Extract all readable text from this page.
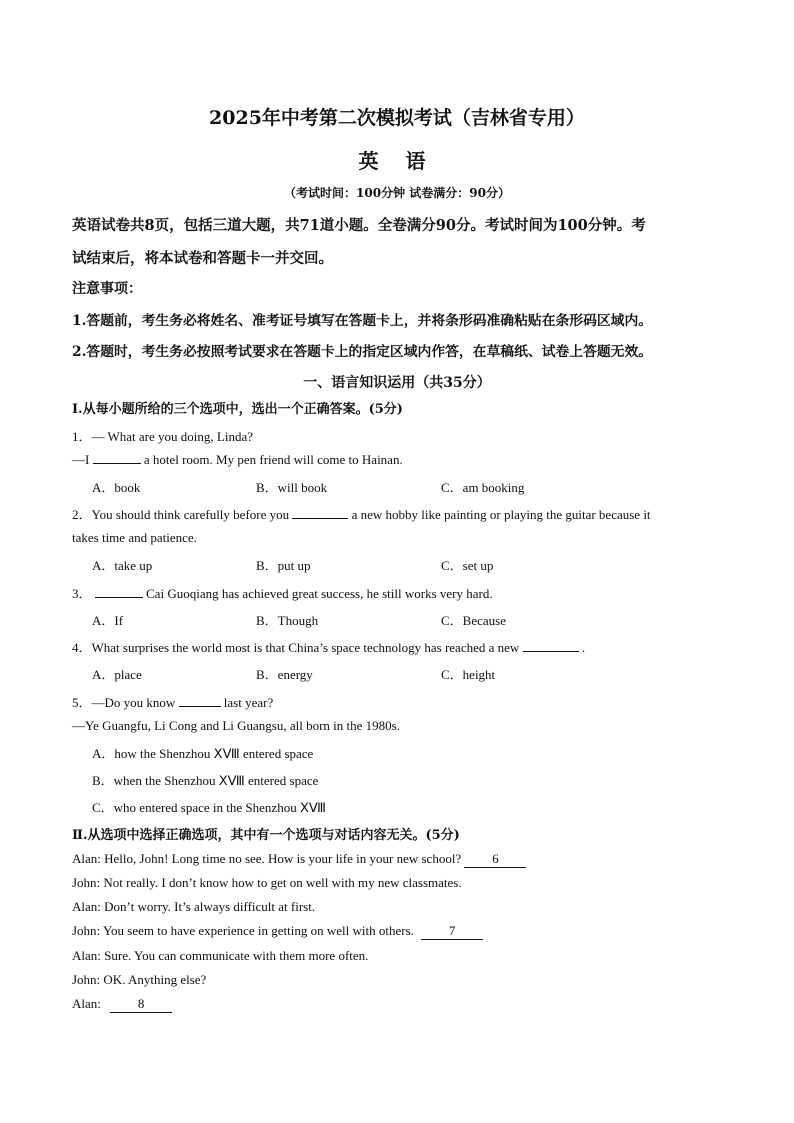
2025年中考第二次模拟考试（吉林省专用）
英 语
（考试时间：100分钟 试卷满分：90分）
英语试卷共8页，包括三道大题，共71道小题。全卷满分90分。考试时间为100分钟。考
试结束后，将本试卷和答题卡一并交回。
注意事项：
1.答题前，考生务必将姓名、准考证号填写在答题卡上，并将条形码准确粘贴在条形码区域内。
2.答题时，考生务必按照考试要求在答题卡上的指定区域内作答，在草稿纸、试卷上答题无效。
一、语言知识运用（共35分）
Ⅰ.从每小题所给的三个选项中，选出一个正确答案。(5分)
1．— What are you doing, Linda?
—I	a hotel room. My pen friend will come to Hainan.
A．book	B．will book	C．am booking
2．You should think carefully before you	a new hobby like painting or playing the guitar because it
takes time and patience.
A．take up	B．put up	C．set up
3．	Cai Guoqiang has achieved great success, he still works very hard.
A．If	B．Though	C．Because
4．What surprises the world most is that China’s space technology has reached a new	.
A．place	B．energy	C．height
5．—Do you know	last year?
—Ye Guangfu, Li Cong and Li Guangsu, all born in the 1980s.
A．how the Shenzhou ⅩⅧ entered space
B．when the Shenzhou ⅩⅧ entered space
C．who entered space in the Shenzhou ⅩⅧ
Ⅱ.从选项中选择正确选项，其中有一个选项与对话内容无关。(5分)
Alan: Hello, John! Long time no see. How is your life in your new school? 6
John: Not really. I don’t know how to get on well with my new classmates.
Alan: Don’t worry. It’s always difficult at first.
John: You seem to have experience in getting on well with others.	7
Alan: Sure. You can communicate with them more often.
John: OK. Anything else?
Alan:	8
